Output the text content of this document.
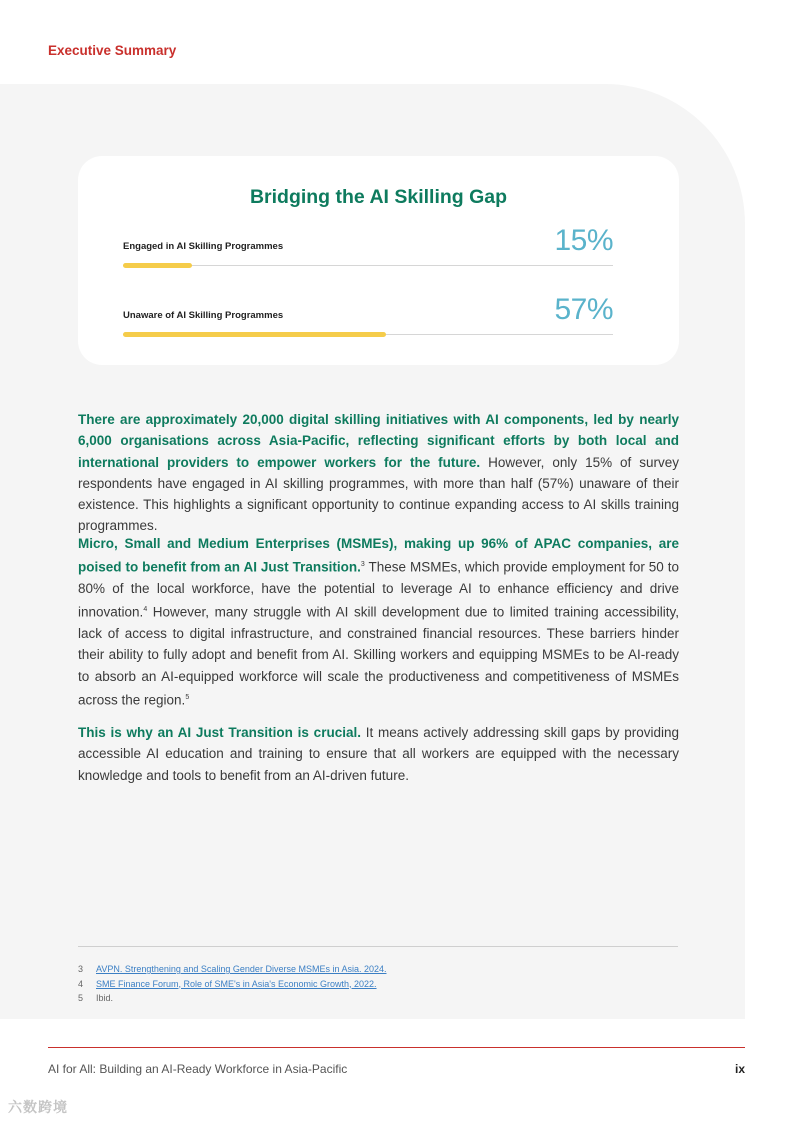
Executive Summary
Bridging the AI Skilling Gap
Engaged in AI Skilling Programmes	15%
Unaware of AI Skilling Programmes	57%

There are approximately 20,000 digital skilling initiatives with AI components, led by nearly 6,000 organisations across Asia-Pacific, reflecting significant efforts by both local and international providers to empower workers for the future. However, only 15% of survey respondents have engaged in AI skilling programmes, with more than half (57%) unaware of their existence. This highlights a significant opportunity to continue expanding access to AI skills training programmes.

Micro, Small and Medium Enterprises (MSMEs), making up 96% of APAC companies, are poised to benefit from an AI Just Transition.$^3$ These MSMEs, which provide employment for 50 to 80% of the local workforce, have the potential to leverage AI to enhance efficiency and drive innovation.$^4$ However, many struggle with AI skill development due to limited training accessibility, lack of access to digital infrastructure, and constrained financial resources. These barriers hinder their ability to fully adopt and benefit from AI. Skilling workers and equipping MSMEs to be AI-ready to absorb an AI-equipped workforce will scale the productiveness and competitiveness of MSMEs across the region.$^5$

This is why an AI Just Transition is crucial. It means actively addressing skill gaps by providing accessible AI education and training to ensure that all workers are equipped with the necessary knowledge and tools to benefit from an AI-driven future.

3 AVPN. Strengthening and Scaling Gender Diverse MSMEs in Asia. 2024.
4 SME Finance Forum, Role of SME's in Asia's Economic Growth, 2022.
5 Ibid.
AI for All: Building an AI-Ready Workforce in Asia-Pacific	ix
六数跨境
